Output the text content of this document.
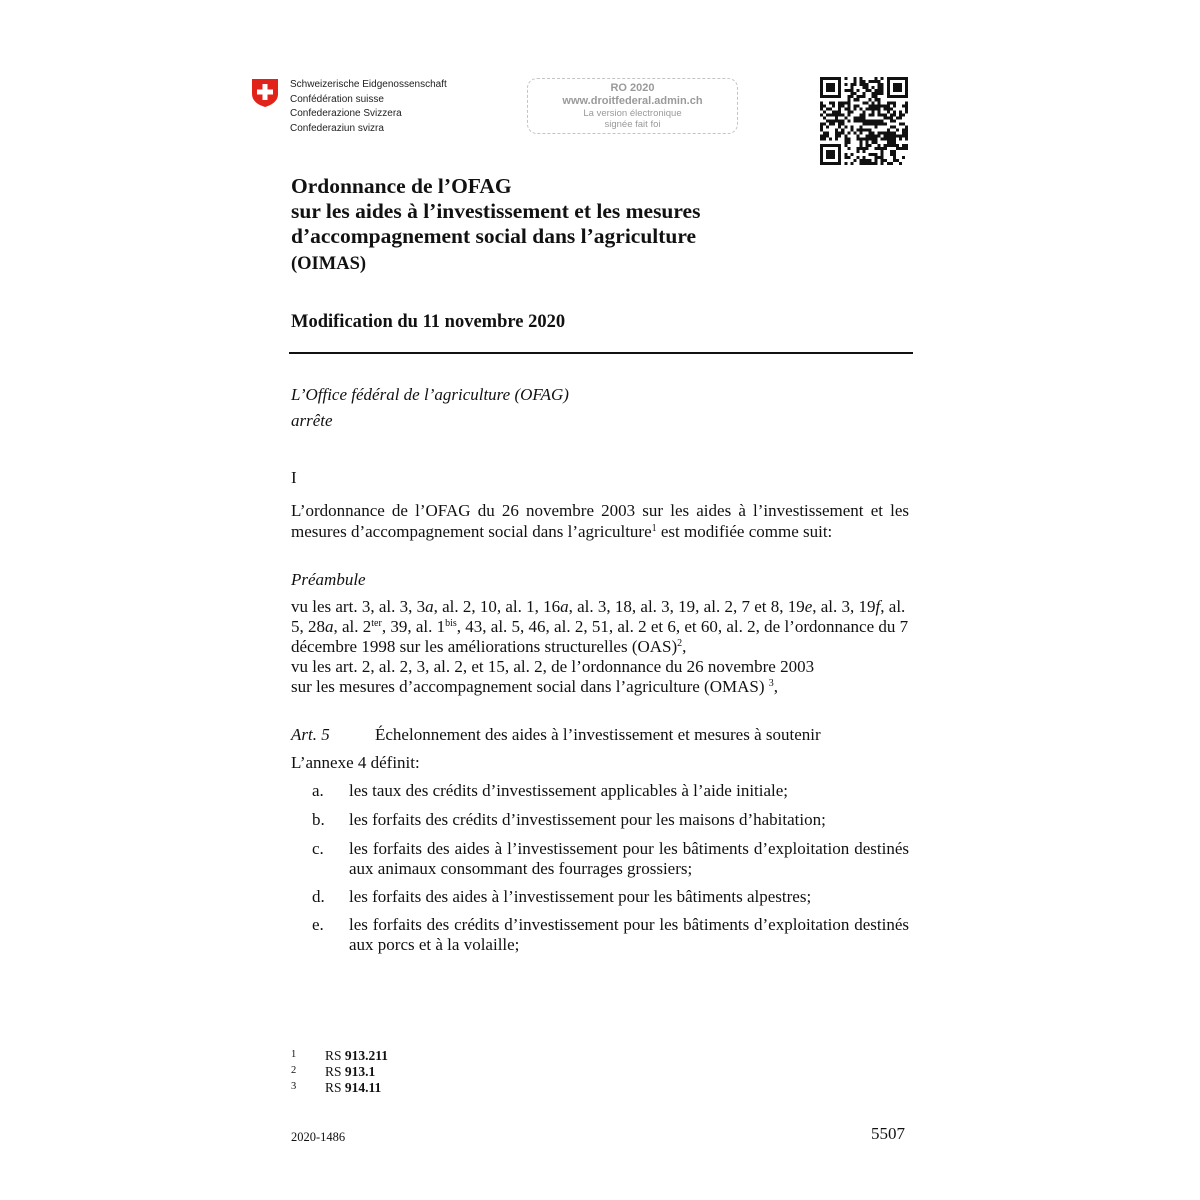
Schweizerische Eidgenossenschaft
Confédération suisse
Confederazione Svizzera
Confederaziun svizra
RO 2020
www.droitfederal.admin.ch
La version électronique
signée fait foi
Ordonnance de l’OFAG
sur les aides à l’investissement et les mesures
d’accompagnement social dans l’agriculture
(OIMAS)
Modification du 11 novembre 2020
L’Office fédéral de l’agriculture (OFAG)
arrête
I
L’ordonnance de l’OFAG du 26 novembre 2003 sur les aides à l’investissement et les mesures d’accompagnement social dans l’agriculture$^1$ est modifiée comme suit:
Préambule
vu les art. 3, al. 3, 3a, al. 2, 10, al. 1, 16a, al. 3, 18, al. 3, 19, al. 2, 7 et 8, 19e, al. 3, 19f, al. 5, 28a, al. $2^{ter}$, 39, al. $1^{bis}$, 43, al. 5, 46, al. 2, 51, al. 2 et 6, et 60, al. 2, de l’ordonnance du 7 décembre 1998 sur les améliorations structurelles (OAS)$^2$,
vu les art. 2, al. 2, 3, al. 2, et 15, al. 2, de l’ordonnance du 26 novembre 2003
sur les mesures d’accompagnement social dans l’agriculture (OMAS) $^3$,
Art. 5	Échelonnement des aides à l’investissement et mesures à soutenir
L’annexe 4 définit:
a. les taux des crédits d’investissement applicables à l’aide initiale;
b. les forfaits des crédits d’investissement pour les maisons d’habitation;
c. les forfaits des aides à l’investissement pour les bâtiments d’exploitation destinés aux animaux consommant des fourrages grossiers;
d. les forfaits des aides à l’investissement pour les bâtiments alpestres;
e. les forfaits des crédits d’investissement pour les bâtiments d’exploitation destinés aux porcs et à la volaille;
1 RS 913.211
2 RS 913.1
3 RS 914.11
2020-1486	5507
